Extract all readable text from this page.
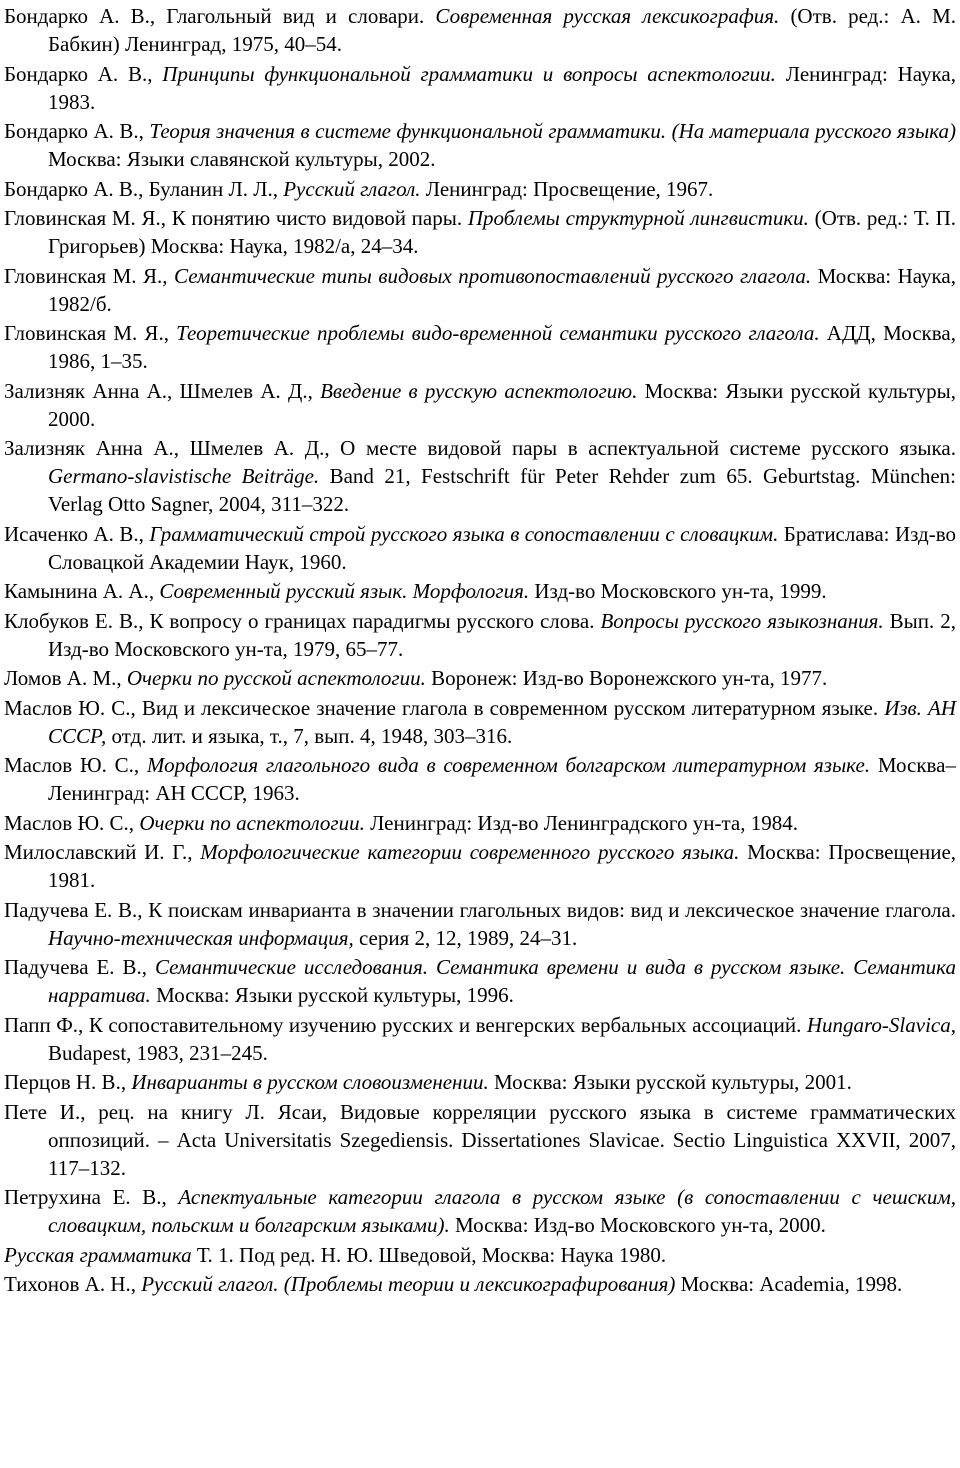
Бондарко А. В., Глагольный вид и словари. Современная русская лексикография. (Отв. ред.: А. М. Бабкин) Ленинград, 1975, 40–54.
Бондарко А. В., Принципы функциональной грамматики и вопросы аспектологии. Ленинград: Наука, 1983.
Бондарко А. В., Теория значения в системе функциональной грамматики. (На материала русского языка) Москва: Языки славянской культуры, 2002.
Бондарко А. В., Буланин Л. Л., Русский глагол. Ленинград: Просвещение, 1967.
Гловинская М. Я., К понятию чисто видовой пары. Проблемы структурной лингвистики. (Отв. ред.: Т. П. Григорьев) Москва: Наука, 1982/а, 24–34.
Гловинская М. Я., Семантические типы видовых противопоставлений русского глагола. Москва: Наука, 1982/б.
Гловинская М. Я., Теоретические проблемы видо-временной семантики русского глагола. АДД, Москва, 1986, 1–35.
Зализняк Анна А., Шмелев А. Д., Введение в русскую аспектологию. Москва: Языки русской культуры, 2000.
Зализняк Анна А., Шмелев А. Д., О месте видовой пары в аспектуальной системе русского языка. Germano-slavistische Beiträge. Band 21, Festschrift für Peter Rehder zum 65. Geburtstag. München: Verlag Otto Sagner, 2004, 311–322.
Исаченко А. В., Грамматический строй русского языка в сопоставлении с словацким. Братислава: Изд-во Словацкой Академии Наук, 1960.
Камынина А. А., Современный русский язык. Морфология. Изд-во Московского ун-та, 1999.
Клобуков Е. В., К вопросу о границах парадигмы русского слова. Вопросы русского языкознания. Вып. 2, Изд-во Московского ун-та, 1979, 65–77.
Ломов А. М., Очерки по русской аспектологии. Воронеж: Изд-во Воронежского ун-та, 1977.
Маслов Ю. С., Вид и лексическое значение глагола в современном русском литературном языке. Изв. АН СССР, отд. лит. и языка, т., 7, вып. 4, 1948, 303–316.
Маслов Ю. С., Морфология глагольного вида в современном болгарском литературном языке. Москва–Ленинград: АН СССР, 1963.
Маслов Ю. С., Очерки по аспектологии. Ленинград: Изд-во Ленинградского ун-та, 1984.
Милославский И. Г., Морфологические категории современного русского языка. Москва: Просвещение, 1981.
Падучева Е. В., К поискам инварианта в значении глагольных видов: вид и лексическое значение глагола. Научно-техническая информация, серия 2, 12, 1989, 24–31.
Падучева Е. В., Семантические исследования. Семантика времени и вида в русском языке. Семантика нарратива. Москва: Языки русской культуры, 1996.
Папп Ф., К сопоставительному изучению русских и венгерских вербальных ассоциаций. Hungaro-Slavica, Budapest, 1983, 231–245.
Перцов Н. В., Инварианты в русском словоизменении. Москва: Языки русской культуры, 2001.
Пете И., рец. на книгу Л. Ясаи, Видовые корреляции русского языка в системе грамматических оппозиций. – Acta Universitatis Szegediensis. Dissertationes Slavicae. Sectio Linguistica XXVII, 2007, 117–132.
Петрухина Е. В., Аспектуальные категории глагола в русском языке (в сопоставлении с чешским, словацким, польским и болгарским языками). Москва: Изд-во Московского ун-та, 2000.
Русская грамматика Т. 1. Под ред. Н. Ю. Шведовой, Москва: Наука 1980.
Тихонов А. Н., Русский глагол. (Проблемы теории и лексикографирования) Москва: Academia, 1998.
